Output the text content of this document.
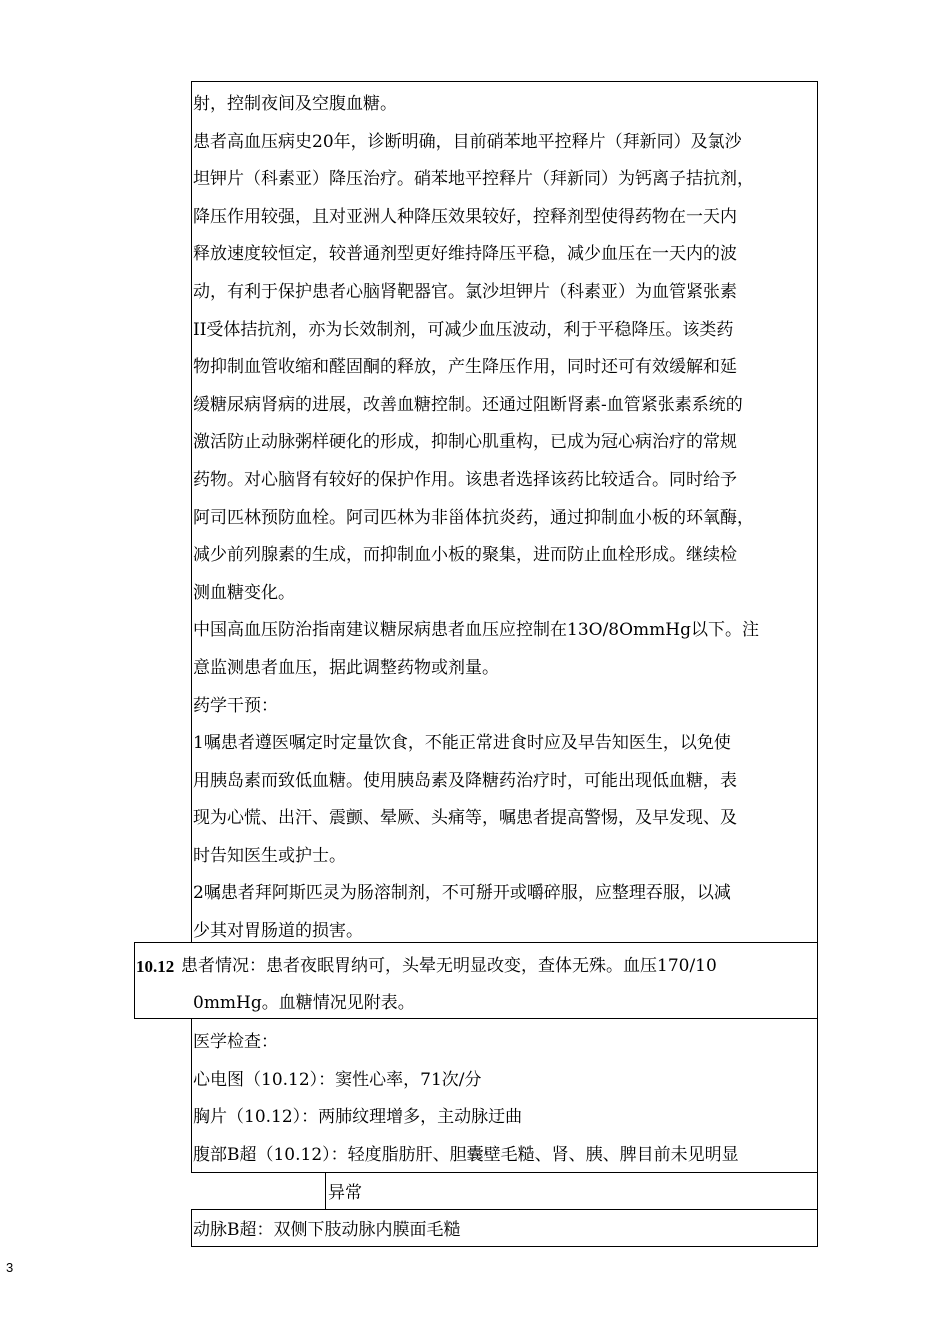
射，控制夜间及空腹血糖。
患者高血压病史20年，诊断明确，目前硝苯地平控释片（拜新同）及氯沙
坦钾片（科素亚）降压治疗。硝苯地平控释片（拜新同）为钙离子拮抗剂，
降压作用较强，且对亚洲人种降压效果较好，控释剂型使得药物在一天内
释放速度较恒定，较普通剂型更好维持降压平稳，减少血压在一天内的波
动，有利于保护患者心脑肾靶器官。氯沙坦钾片（科素亚）为血管紧张素
II受体拮抗剂，亦为长效制剂，可减少血压波动，利于平稳降压。该类药
物抑制血管收缩和醛固酮的释放，产生降压作用，同时还可有效缓解和延
缓糖尿病肾病的进展，改善血糖控制。还通过阻断肾素-血管紧张素系统的
激活防止动脉粥样硬化的形成，抑制心肌重构，已成为冠心病治疗的常规
药物。对心脑肾有较好的保护作用。该患者选择该药比较适合。同时给予
阿司匹林预防血栓。阿司匹林为非甾体抗炎药，通过抑制血小板的环氧酶，
减少前列腺素的生成，而抑制血小板的聚集，进而防止血栓形成。继续检
测血糖变化。
中国高血压防治指南建议糖尿病患者血压应控制在13O/8OmmHg以下。注
意监测患者血压，据此调整药物或剂量。
药学干预：
1嘱患者遵医嘱定时定量饮食，不能正常进食时应及早告知医生，以免使
用胰岛素而致低血糖。使用胰岛素及降糖药治疗时，可能出现低血糖，表
现为心慌、出汗、震颤、晕厥、头痛等，嘱患者提高警惕，及早发现、及
时告知医生或护士。
2嘱患者拜阿斯匹灵为肠溶制剂，不可掰开或嚼碎服，应整理吞服，以减
少其对胃肠道的损害。
10.12 患者情况：患者夜眠胃纳可，头晕无明显改变，查体无殊。血压170/10
0mmHg。血糖情况见附表。
医学检查：
心电图（10.12）：窦性心率，71次/分
胸片（10.12）：两肺纹理增多，主动脉迂曲
腹部B超（10.12）：轻度脂肪肝、胆囊壁毛糙、肾、胰、脾目前未见明显
异常
动脉B超：双侧下肢动脉内膜面毛糙
3
